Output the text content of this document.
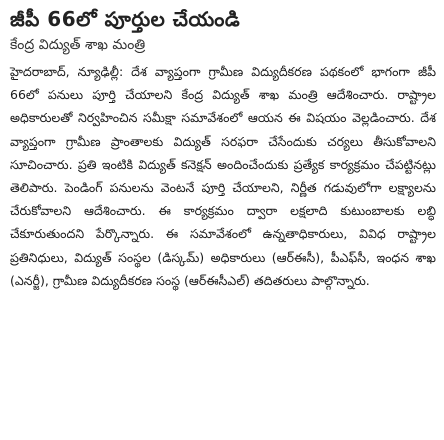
జీపీ 66లో పూర్తుల చేయండి
కేంద్ర విద్యుత్ శాఖ మంత్రి

హైదరాబాద్, న్యూఢిల్లీ: దేశ వ్యాప్తంగా గ్రామీణ విద్యుదీకరణ పథకంలో భాగంగా జీపీ 66లో పనులు పూర్తి చేయాలని కేంద్ర విద్యుత్ శాఖ మంత్రి ఆదేశించారు. రాష్ట్రాల అధికారులతో నిర్వహించిన సమీక్షా సమావేశంలో ఆయన ఈ విషయం వెల్లడించారు. దేశ వ్యాప్తంగా గ్రామీణ ప్రాంతాలకు విద్యుత్ సరఫరా చేసేందుకు చర్యలు తీసుకోవాలని సూచించారు. ప్రతి ఇంటికి విద్యుత్ కనెక్షన్ అందించేందుకు ప్రత్యేక కార్యక్రమం చేపట్టినట్లు తెలిపారు. పెండింగ్ పనులను వెంటనే పూర్తి చేయాలని, నిర్ణీత గడువులోగా లక్ష్యాలను చేరుకోవాలని ఆదేశించారు. ఈ కార్యక్రమం ద్వారా లక్షలాది కుటుంబాలకు లబ్ధి చేకూరుతుందని పేర్కొన్నారు. ఈ సమావేశంలో ఉన్నతాధికారులు, వివిధ రాష్ట్రాల ప్రతినిధులు, విద్యుత్ సంస్థల (డిస్కమ్) అధికారులు (ఆర్ఈసీ), పీఎఫ్‌సీ, ఇంధన శాఖ (ఎనర్జీ), గ్రామీణ విద్యుదీకరణ సంస్థ (ఆర్ఈసీఎల్) తదితరులు పాల్గొన్నారు.
